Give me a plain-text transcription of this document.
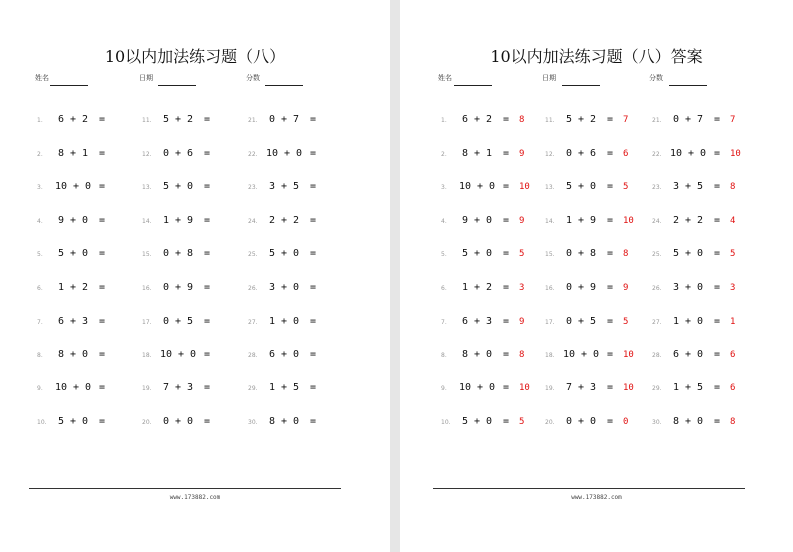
10以内加法练习题（八）
姓名	日期	分数
1.	6 + 2	=
2.	8 + 1	=
3.	10 + 0 =
4.	9 + 0	=
5.	5 + 0	=
6.	1 + 2	=
7.	6 + 3	=
8.	8 + 0	=
9.	10 + 0 =
10.	5 + 0	=
11.	5 + 2	=
12.	0 + 6	=
13.	5 + 0	=
14.	1 + 9	=
15.	0 + 8	=
16.	0 + 9	=
17.	0 + 5	=
18. 10 + 0 =
19.	7 + 3	=
20.	0 + 0	=
21.	0 + 7	=
22. 10 + 0 =
23.	3 + 5	=
24.	2 + 2	=
25.	5 + 0	=
26.	3 + 0	=
27.	1 + 0	=
28.	6 + 0	=
29.	1 + 5	=
30.	8 + 0	=
www.173882.com
10以内加法练习题（八）答案
姓名	日期	分数
1.	6 + 2	= 8
2.	8 + 1	= 9
3.	10 + 0 = 10
4.	9 + 0	= 9
5.	5 + 0	= 5
6.	1 + 2	= 3
7.	6 + 3	= 9
8.	8 + 0	= 8
9.	10 + 0 = 10
10.	5 + 0	= 5
11.	5 + 2	= 7
12.	0 + 6	= 6
13.	5 + 0	= 5
14.	1 + 9	= 10
15.	0 + 8	= 8
16.	0 + 9	= 9
17.	0 + 5	= 5
18. 10 + 0 = 10
19.	7 + 3	= 10
20.	0 + 0	= 0
21.	0 + 7	= 7
22. 10 + 0 = 10
23.	3 + 5	= 8
24.	2 + 2	= 4
25.	5 + 0	= 5
26.	3 + 0	= 3
27.	1 + 0	= 1
28.	6 + 0	= 6
29.	1 + 5	= 6
30.	8 + 0	= 8
www.173882.com
